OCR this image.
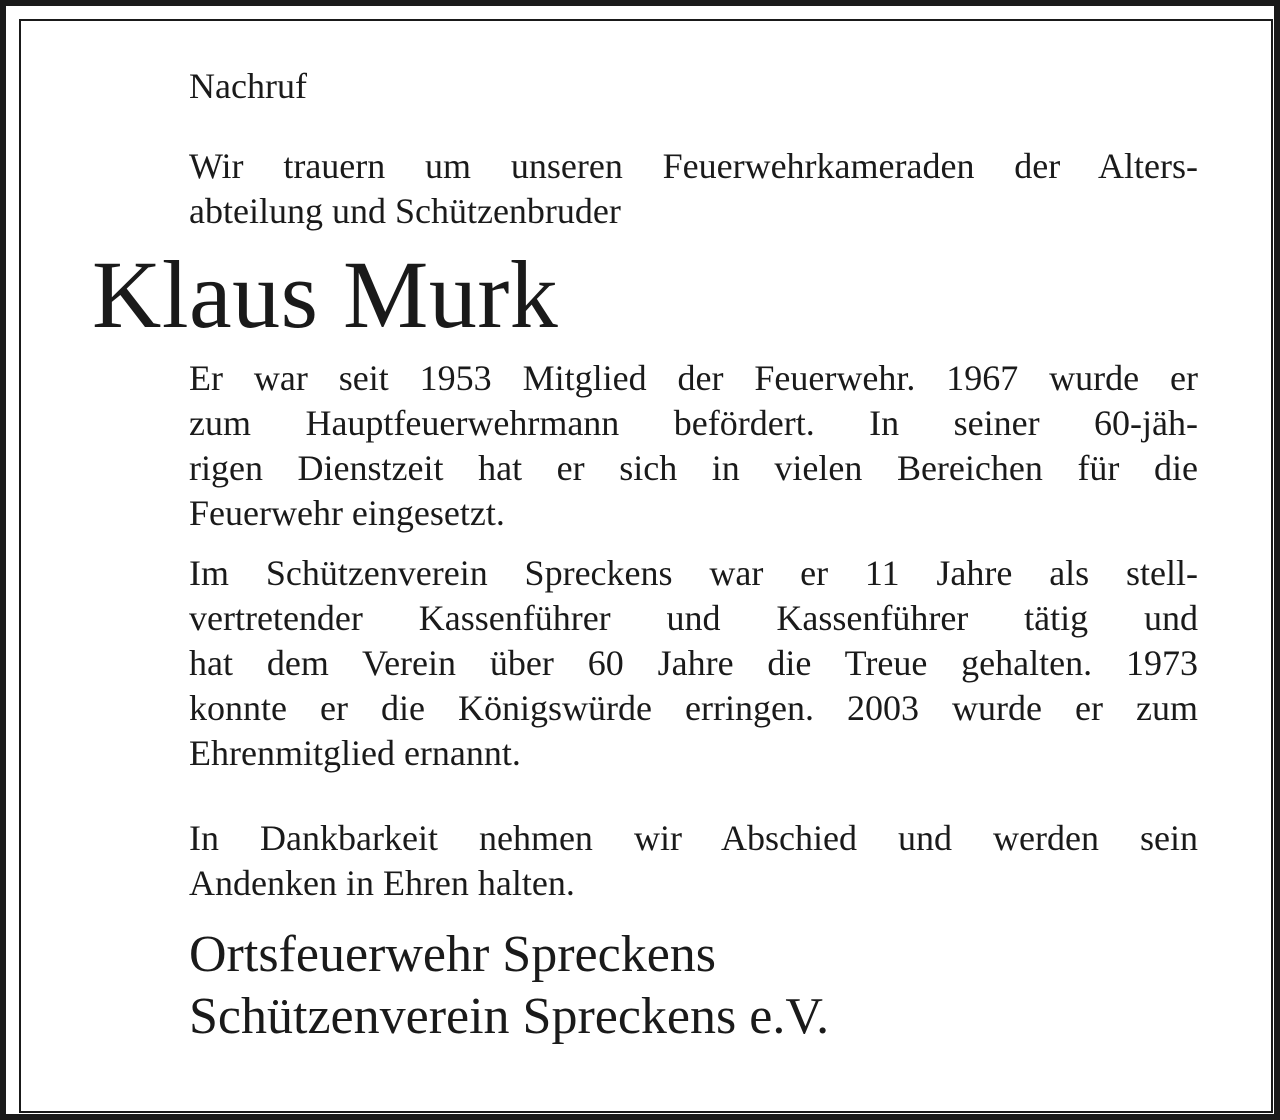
Nachruf

Wir trauern um unseren Feuerwehrkameraden der Alters-
abteilung und Schützenbruder
Klaus Murk
Er war seit 1953 Mitglied der Feuerwehr. 1967 wurde er
zum Hauptfeuerwehrmann befördert. In seiner 60-jäh-
rigen Dienstzeit hat er sich in vielen Bereichen für die
Feuerwehr eingesetzt.
Im Schützenverein Spreckens war er 11 Jahre als stell-
vertretender Kassenführer und Kassenführer tätig und
hat dem Verein über 60 Jahre die Treue gehalten. 1973
konnte er die Königswürde erringen. 2003 wurde er zum
Ehrenmitglied ernannt.
In Dankbarkeit nehmen wir Abschied und werden sein
Andenken in Ehren halten.
Ortsfeuerwehr Spreckens
Schützenverein Spreckens e.V.
